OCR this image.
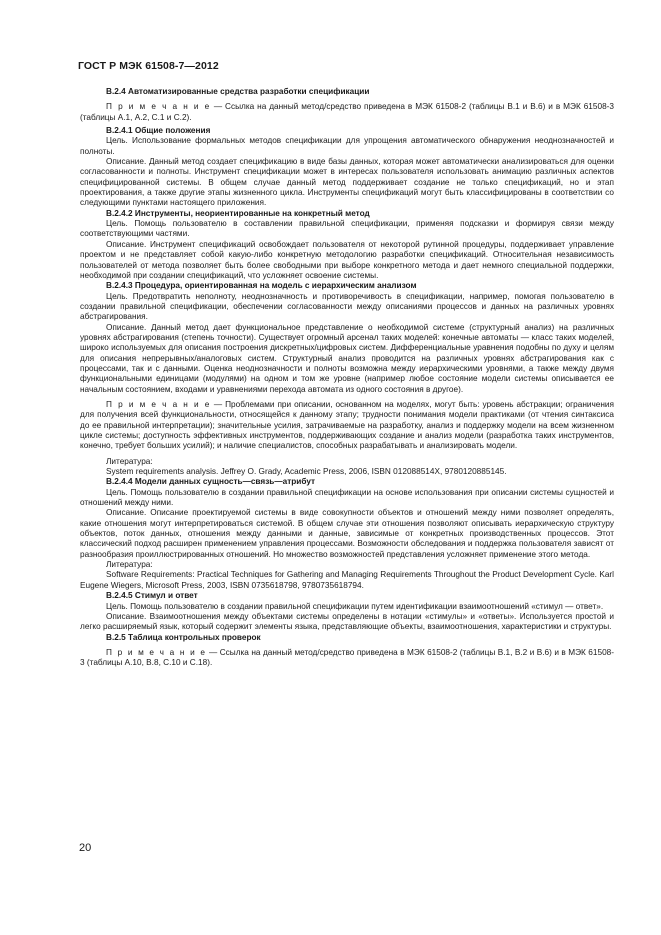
ГОСТ Р МЭК 61508-7—2012

В.2.4 Автоматизированные средства разработки спецификации

П р и м е ч а н и е — Ссылка на данный метод/средство приведена в МЭК 61508-2 (таблицы В.1 и В.6) и в МЭК 61508-3 (таблицы А.1, А.2, С.1 и С.2).

В.2.4.1 Общие положения

Цель. Использование формальных методов спецификации для упрощения автоматического обнаружения неоднозначностей и полноты.

Описание. Данный метод создает спецификацию в виде базы данных, которая может автоматически анализироваться для оценки согласованности и полноты. Инструмент спецификации может в интересах пользователя использовать анимацию различных аспектов специфицированной системы. В общем случае данный метод поддерживает создание не только спецификаций, но и этап проектирования, а также другие этапы жизненного цикла. Инструменты спецификаций могут быть классифицированы в соответствии со следующими пунктами настоящего приложения.

В.2.4.2 Инструменты, неориентированные на конкретный метод

Цель. Помощь пользователю в составлении правильной спецификации, применяя подсказки и формируя связи между соответствующими частями.

Описание. Инструмент спецификаций освобождает пользователя от некоторой рутинной процедуры, поддерживает управление проектом и не представляет собой какую-либо конкретную методологию разработки спецификаций. Относительная независимость пользователей от метода позволяет быть более свободными при выборе конкретного метода и дает немного специальной поддержки, необходимой при создании спецификаций, что усложняет освоение системы.

В.2.4.3 Процедура, ориентированная на модель с иерархическим анализом

Цель. Предотвратить неполноту, неоднозначность и противоречивость в спецификации, например, помогая пользователю в создании правильной спецификации, обеспечении согласованности между описаниями процессов и данных на различных уровнях абстрагирования.

Описание. Данный метод дает функциональное представление о необходимой системе (структурный анализ) на различных уровнях абстрагирования (степень точности). Существует огромный арсенал таких моделей: конечные автоматы — класс таких моделей, широко используемых для описания построения дискретных/цифровых систем. Дифференциальные уравнения подобны по духу и целям для описания непрерывных/аналоговых систем. Структурный анализ проводится на различных уровнях абстрагирования как с процессами, так и с данными. Оценка неоднозначности и полноты возможна между иерархическими уровнями, а также между двумя функциональными единицами (модулями) на одном и том же уровне (например любое состояние модели системы описывается ее начальным состоянием, входами и уравнениями перехода автомата из одного состояния в другое).

П р и м е ч а н и е — Проблемами при описании, основанном на моделях, могут быть: уровень абстракции; ограничения для получения всей функциональности, относящейся к данному этапу; трудности понимания модели практиками (от чтения синтаксиса до ее правильной интерпретации); значительные усилия, затрачиваемые на разработку, анализ и поддержку модели на всем жизненном цикле системы; доступность эффективных инструментов, поддерживающих создание и анализ модели (разработка таких инструментов, конечно, требует больших усилий); и наличие специалистов, способных разрабатывать и анализировать модели.

Литература:

System requirements analysis. Jeffrey O. Grady, Academic Press, 2006, ISBN 012088514X, 9780120885145.

В.2.4.4 Модели данных сущность—связь—атрибут

Цель. Помощь пользователю в создании правильной спецификации на основе использования при описании системы сущностей и отношений между ними.

Описание. Описание проектируемой системы в виде совокупности объектов и отношений между ними позволяет определять, какие отношения могут интерпретироваться системой. В общем случае эти отношения позволяют описывать иерархическую структуру объектов, поток данных, отношения между данными и данные, зависимые от конкретных производственных процессов. Этот классический подход расширен применением управления процессами. Возможности обследования и поддержка пользователя зависят от разнообразия проиллюстрированных отношений. Но множество возможностей представления усложняет применение этого метода.

Литература:

Software Requirements: Practical Techniques for Gathering and Managing Requirements Throughout the Product Development Cycle. Karl Eugene Wiegers, Microsoft Press, 2003, ISBN 0735618798, 9780735618794.

В.2.4.5 Стимул и ответ

Цель. Помощь пользователю в создании правильной спецификации путем идентификации взаимоотношений «стимул — ответ».

Описание. Взаимоотношения между объектами системы определены в нотации «стимулы» и «ответы». Используется простой и легко расширяемый язык, который содержит элементы языка, представляющие объекты, взаимоотношения, характеристики и структуры.

В.2.5 Таблица контрольных проверок

П р и м е ч а н и е — Ссылка на данный метод/средство приведена в МЭК 61508-2 (таблицы В.1, В.2 и В.6) и в МЭК 61508-3 (таблицы А.10, В.8, С.10 и С.18).

20
